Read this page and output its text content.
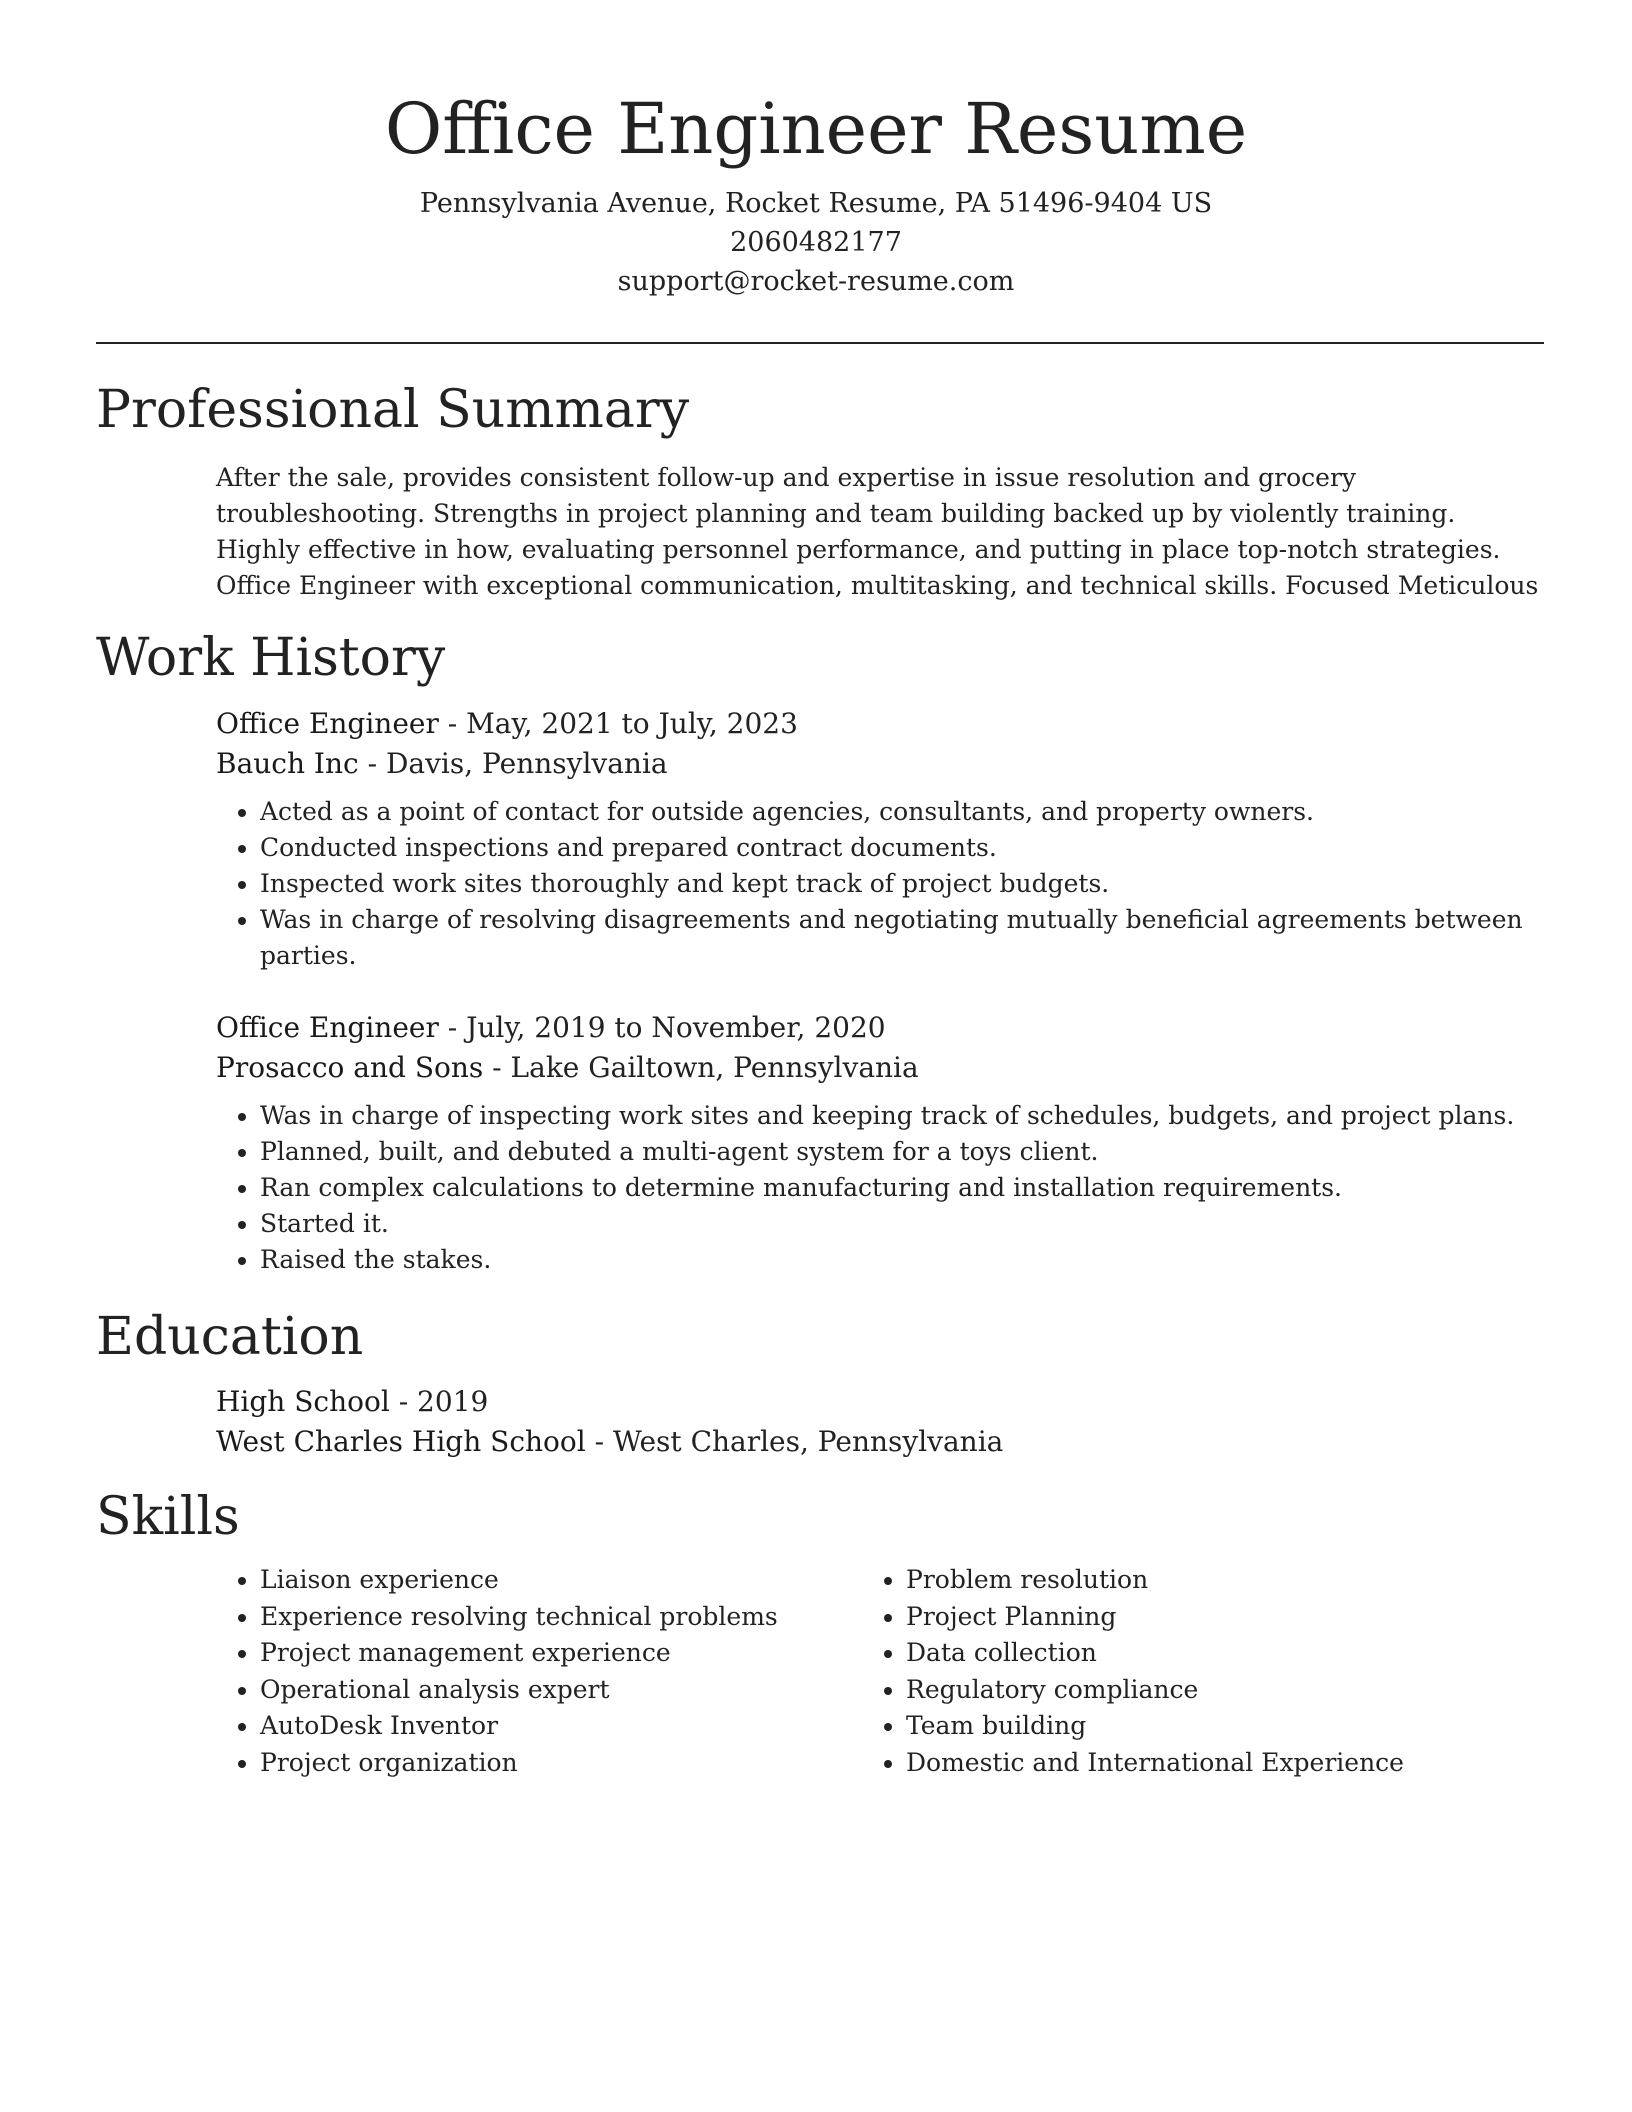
Office Engineer Resume

Pennsylvania Avenue, Rocket Resume, PA 51496-9404 US

2060482177

support@rocket-resume.com

Professional Summary

After the sale, provides consistent follow-up and expertise in issue resolution and grocery troubleshooting. Strengths in project planning and team building backed up by violently training. Highly effective in how, evaluating personnel performance, and putting in place top-notch strategies. Office Engineer with exceptional communication, multitasking, and technical skills. Focused Meticulous

Work History

Office Engineer - May, 2021 to July, 2023

Bauch Inc - Davis, Pennsylvania

• Acted as a point of contact for outside agencies, consultants, and property owners.
• Conducted inspections and prepared contract documents.
• Inspected work sites thoroughly and kept track of project budgets.
• Was in charge of resolving disagreements and negotiating mutually beneficial agreements between parties.

Office Engineer - July, 2019 to November, 2020

Prosacco and Sons - Lake Gailtown, Pennsylvania

• Was in charge of inspecting work sites and keeping track of schedules, budgets, and project plans.
• Planned, built, and debuted a multi-agent system for a toys client.
• Ran complex calculations to determine manufacturing and installation requirements.
• Started it.
• Raised the stakes.
Education

High School - 2019

West Charles High School - West Charles, Pennsylvania

Skills
• Liaison experience
• Experience resolving technical problems
• Project management experience
• Operational analysis expert
• AutoDesk Inventor
• Project organization
• Problem resolution
• Project Planning
• Data collection
• Regulatory compliance
• Team building
• Domestic and International Experience
